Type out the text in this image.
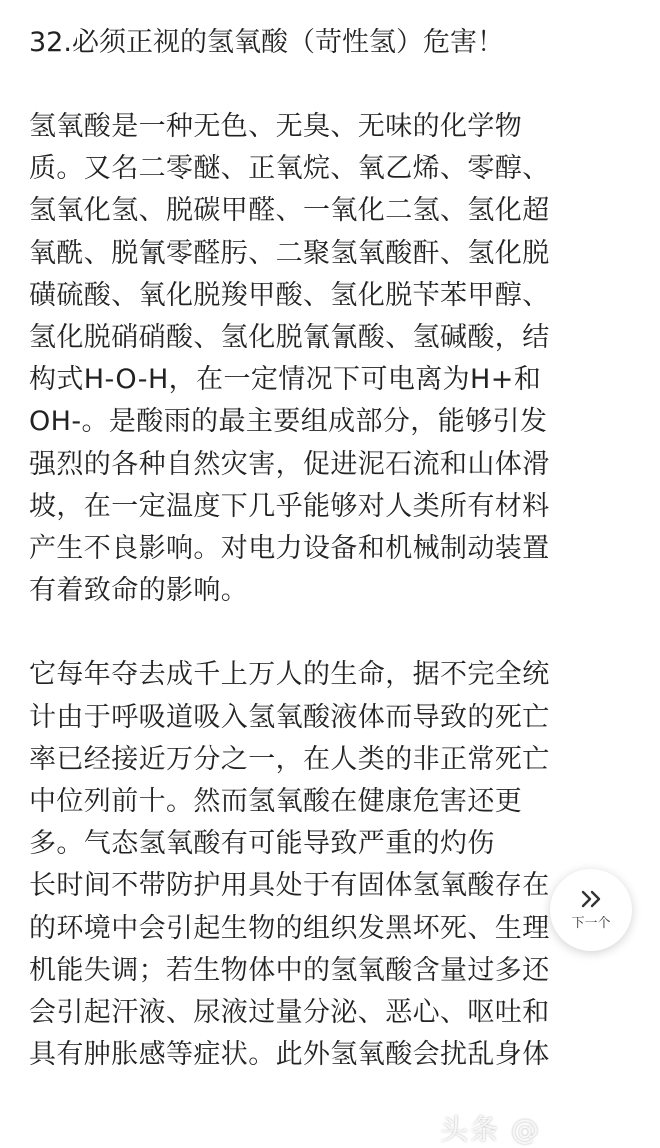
32.必须正视的氢氧酸（苛性氢）危害！
氢氧酸是一种无色、无臭、无味的化学物
质。又名二零醚、正氧烷、氧乙烯、零醇、
氢氧化氢、脱碳甲醛、一氧化二氢、氢化超
氧酰、脱氰零醛肟、二聚氢氧酸酐、氢化脱
磺硫酸、氧化脱羧甲酸、氢化脱苄苯甲醇、
氢化脱硝硝酸、氢化脱氰氰酸、氢碱酸，结
构式H-O-H，在一定情况下可电离为H+和
OH-。是酸雨的最主要组成部分，能够引发
强烈的各种自然灾害，促进泥石流和山体滑
坡，在一定温度下几乎能够对人类所有材料
产生不良影响。对电力设备和机械制动装置
有着致命的影响。
它每年夺去成千上万人的生命，据不完全统
计由于呼吸道吸入氢氧酸液体而导致的死亡
率已经接近万分之一，在人类的非正常死亡
中位列前十。然而氢氧酸在健康危害还更
多。气态氢氧酸有可能导致严重的灼伤
长时间不带防护用具处于有固体氢氧酸存在
的环境中会引起生物的组织发黑坏死、生理
机能失调；若生物体中的氢氧酸含量过多还
会引起汗液、尿液过量分泌、恶心、呕吐和
具有肿胀感等症状。此外氢氧酸会扰乱身体
下一个
头条 @
